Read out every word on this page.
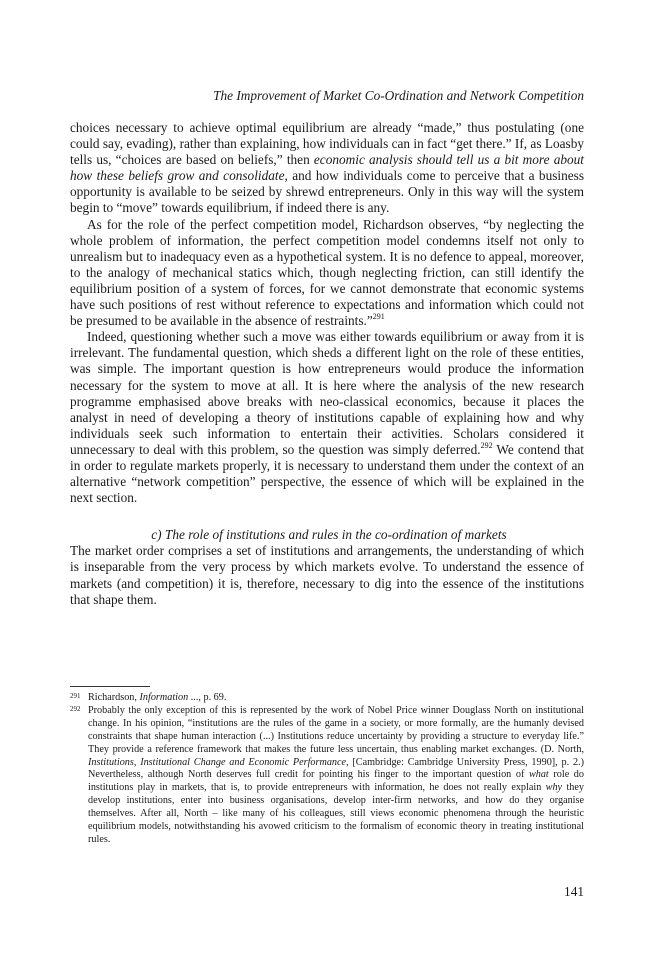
The Improvement of Market Co-Ordination and Network Competition

choices necessary to achieve optimal equilibrium are already “made,” thus postulating (one could say, evading), rather than explaining, how individuals can in fact “get there.” If, as Loasby tells us, “choices are based on beliefs,” then economic analysis should tell us a bit more about how these beliefs grow and consolidate, and how individuals come to perceive that a business opportunity is available to be seized by shrewd entrepreneurs. Only in this way will the system begin to “move” towards equilibrium, if indeed there is any.

As for the role of the perfect competition model, Richardson observes, “by neglecting the whole problem of information, the perfect competition model condemns itself not only to unrealism but to inadequacy even as a hypothetical system. It is no defence to appeal, moreover, to the analogy of mechanical statics which, though neglecting friction, can still identify the equilibrium position of a system of forces, for we cannot demonstrate that economic systems have such positions of rest without reference to expectations and information which could not be presumed to be available in the absence of restraints.”$^{291}$

Indeed, questioning whether such a move was either towards equilibrium or away from it is irrelevant. The fundamental question, which sheds a different light on the role of these entities, was simple. The important question is how entrepreneurs would produce the information necessary for the system to move at all. It is here where the analysis of the new research programme emphasised above breaks with neo-classical economics, because it places the analyst in need of developing a theory of institutions capable of explaining how and why individuals seek such information to entertain their activities. Scholars considered it unnecessary to deal with this problem, so the question was simply deferred.$^{292}$ We contend that in order to regulate markets properly, it is necessary to understand them under the context of an alternative “network competition” perspective, the essence of which will be explained in the next section.

c) The role of institutions and rules in the co-ordination of markets

The market order comprises a set of institutions and arrangements, the understanding of which is inseparable from the very process by which markets evolve. To understand the essence of markets (and competition) it is, therefore, necessary to dig into the essence of the institutions that shape them.

291 Richardson, Information ..., p. 69.

292 Probably the only exception of this is represented by the work of Nobel Price winner Douglass North on institutional change. In his opinion, “institutions are the rules of the game in a society, or more formally, are the humanly devised constraints that shape human interaction (...) Institutions reduce uncertainty by providing a structure to everyday life.” They provide a reference framework that makes the future less uncertain, thus enabling market exchanges. (D. North, Institutions, Institutional Change and Economic Performance, [Cambridge: Cambridge University Press, 1990], p. 2.) Nevertheless, although North deserves full credit for pointing his finger to the important question of what role do institutions play in markets, that is, to provide entrepreneurs with information, he does not really explain why they develop institutions, enter into business organisations, develop inter-firm networks, and how do they organise themselves. After all, North – like many of his colleagues, still views economic phenomena through the heuristic equilibrium models, notwithstanding his avowed criticism to the formalism of economic theory in treating institutional rules.

141
